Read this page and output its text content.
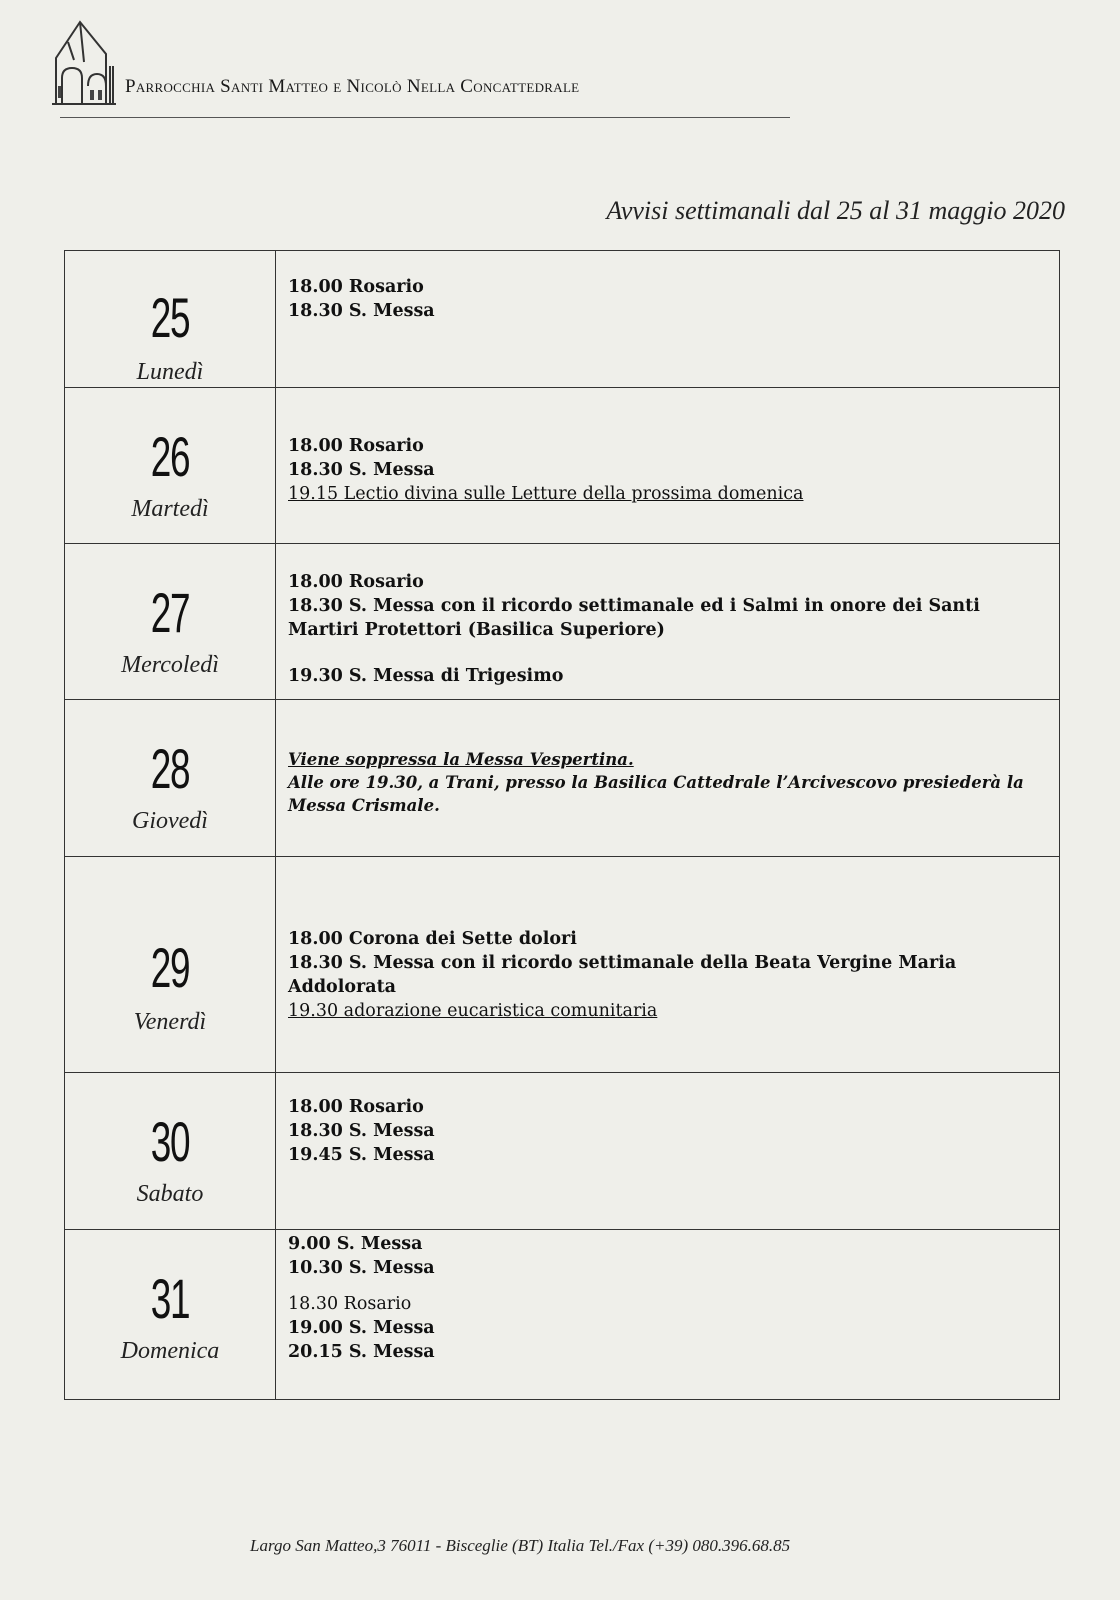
Parrocchia Santi Matteo e Nicolò Nella Concattedrale
Avvisi settimanali dal 25 al 31 maggio 2020
25
Lunedì
18.00 Rosario
18.30 S. Messa
26
Martedì
18.00 Rosario
18.30 S. Messa
19.15 Lectio divina sulle Letture della prossima domenica
27
Mercoledì
18.00 Rosario
18.30 S. Messa con il ricordo settimanale ed i Salmi in onore dei Santi Martiri Protettori (Basilica Superiore)
19.30 S. Messa di Trigesimo
28
Giovedì
Viene soppressa la Messa Vespertina.
Alle ore 19.30, a Trani, presso la Basilica Cattedrale l’Arcivescovo presiederà la Messa Crismale.
29
Venerdì
18.00 Corona dei Sette dolori
18.30 S. Messa con il ricordo settimanale della Beata Vergine Maria Addolorata
19.30 adorazione eucaristica comunitaria
30
Sabato
18.00 Rosario
18.30 S. Messa
19.45 S. Messa
31
Domenica
9.00 S. Messa
10.30 S. Messa
18.30 Rosario
19.00 S. Messa
20.15 S. Messa
Largo San Matteo,3 76011 - Bisceglie (BT) Italia Tel./Fax (+39) 080.396.68.85
